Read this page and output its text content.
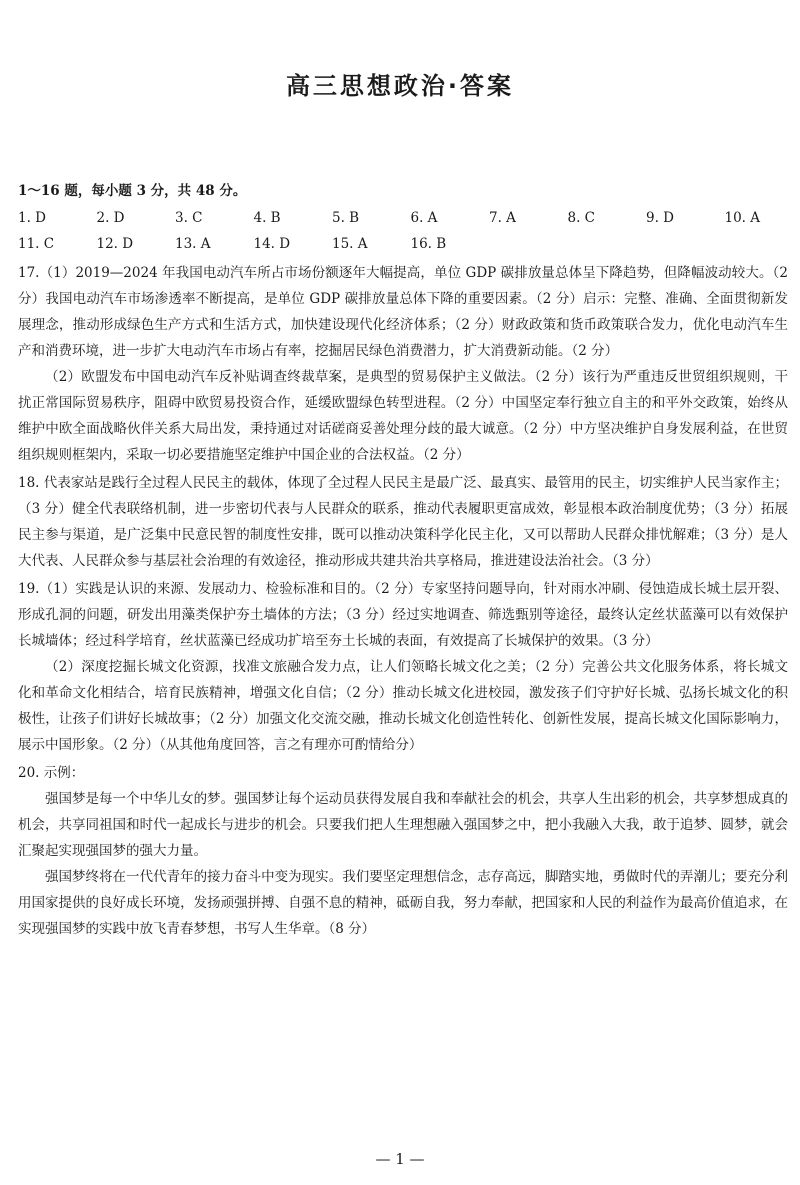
高三思想政治·答案
1～16 题，每小题 3 分，共 48 分。
1. D	2. D	3. C	4. B	5. B	6. A	7. A	8. C	9. D	10. A
11. C	12. D	13. A	14. D	15. A	16. B
17.（1）2019—2024 年我国电动汽车所占市场份额逐年大幅提高，单位 GDP 碳排放量总体呈下降趋势，但降幅波动较大。（2 分）我国电动汽车市场渗透率不断提高，是单位 GDP 碳排放量总体下降的重要因素。（2 分）启示：完整、准确、全面贯彻新发展理念，推动形成绿色生产方式和生活方式，加快建设现代化经济体系；（2 分）财政政策和货币政策联合发力，优化电动汽车生产和消费环境，进一步扩大电动汽车市场占有率，挖掘居民绿色消费潜力，扩大消费新动能。（2 分）
（2）欧盟发布中国电动汽车反补贴调查终裁草案，是典型的贸易保护主义做法。（2 分）该行为严重违反世贸组织规则，干扰正常国际贸易秩序，阻碍中欧贸易投资合作，延缓欧盟绿色转型进程。（2 分）中国坚定奉行独立自主的和平外交政策，始终从维护中欧全面战略伙伴关系大局出发，秉持通过对话磋商妥善处理分歧的最大诚意。（2 分）中方坚决维护自身发展利益，在世贸组织规则框架内，采取一切必要措施坚定维护中国企业的合法权益。（2 分）
18. 代表家站是践行全过程人民民主的载体，体现了全过程人民民主是最广泛、最真实、最管用的民主，切实维护人民当家作主；（3 分）健全代表联络机制，进一步密切代表与人民群众的联系，推动代表履职更富成效，彰显根本政治制度优势；（3 分）拓展民主参与渠道，是广泛集中民意民智的制度性安排，既可以推动决策科学化民主化，又可以帮助人民群众排忧解难；（3 分）是人大代表、人民群众参与基层社会治理的有效途径，推动形成共建共治共享格局，推进建设法治社会。（3 分）
19.（1）实践是认识的来源、发展动力、检验标准和目的。（2 分）专家坚持问题导向，针对雨水冲刷、侵蚀造成长城土层开裂、形成孔洞的问题，研发出用藻类保护夯土墙体的方法；（3 分）经过实地调查、筛选甄别等途径，最终认定丝状蓝藻可以有效保护长城墙体；经过科学培育，丝状蓝藻已经成功扩培至夯土长城的表面，有效提高了长城保护的效果。（3 分）
（2）深度挖掘长城文化资源，找准文旅融合发力点，让人们领略长城文化之美；（2 分）完善公共文化服务体系，将长城文化和革命文化相结合，培育民族精神，增强文化自信；（2 分）推动长城文化进校园，激发孩子们守护好长城、弘扬长城文化的积极性，让孩子们讲好长城故事；（2 分）加强文化交流交融，推动长城文化创造性转化、创新性发展，提高长城文化国际影响力，展示中国形象。（2 分）（从其他角度回答，言之有理亦可酌情给分）
20. 示例：
强国梦是每一个中华儿女的梦。强国梦让每个运动员获得发展自我和奉献社会的机会，共享人生出彩的机会，共享梦想成真的机会，共享同祖国和时代一起成长与进步的机会。只要我们把人生理想融入强国梦之中，把小我融入大我，敢于追梦、圆梦，就会汇聚起实现强国梦的强大力量。
强国梦终将在一代代青年的接力奋斗中变为现实。我们要坚定理想信念，志存高远，脚踏实地，勇做时代的弄潮儿；要充分利用国家提供的良好成长环境，发扬顽强拼搏、自强不息的精神，砥砺自我，努力奉献，把国家和人民的利益作为最高价值追求，在实现强国梦的实践中放飞青春梦想，书写人生华章。（8 分）
— 1 —
